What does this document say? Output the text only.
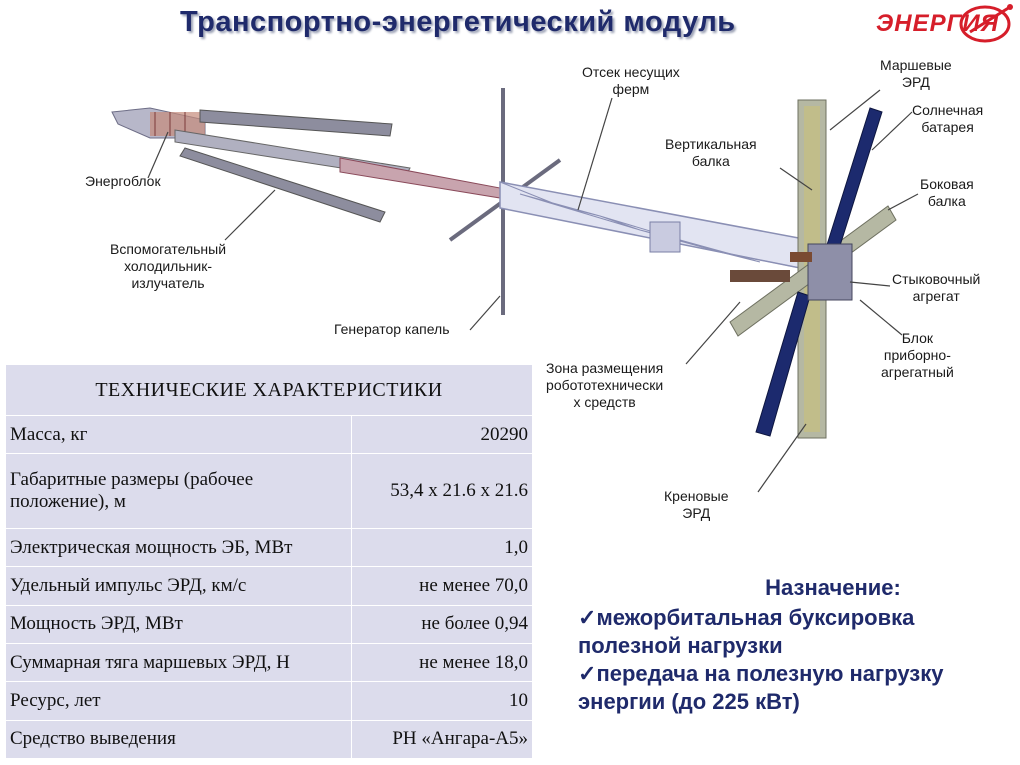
Транспортно-энергетический модуль	ЭНЕРГИЯ
Энергоблок
Вспомогательный
холодильник-
излучатель
Отсек несущих
ферм
Вертикальная
балка
Маршевые
ЭРД
Солнечная
батарея
Боковая
балка
Стыковочный
агрегат
Блок
приборно-
агрегатный
Зона размещения
робототехнически
х средств
Генератор капель
Креновые
ЭРД
ТЕХНИЧЕСКИЕ ХАРАКТЕРИСТИКИ	
Масса, кг	20290
Габаритные размеры (рабочее положение), м	53,4 х 21.6 х 21.6
Электрическая мощность ЭБ, МВт	1,0
Удельный импульс ЭРД, км/с	не менее 70,0
Мощность ЭРД, МВт	не более 0,94
Суммарная тяга маршевых ЭРД, Н	не менее 18,0
Ресурс, лет	10
Средство выведения	РН «Ангара-А5»
Назначение:
✓межорбитальная буксировка
полезной нагрузки
✓передача на полезную нагрузку
энергии (до 225 кВт)
